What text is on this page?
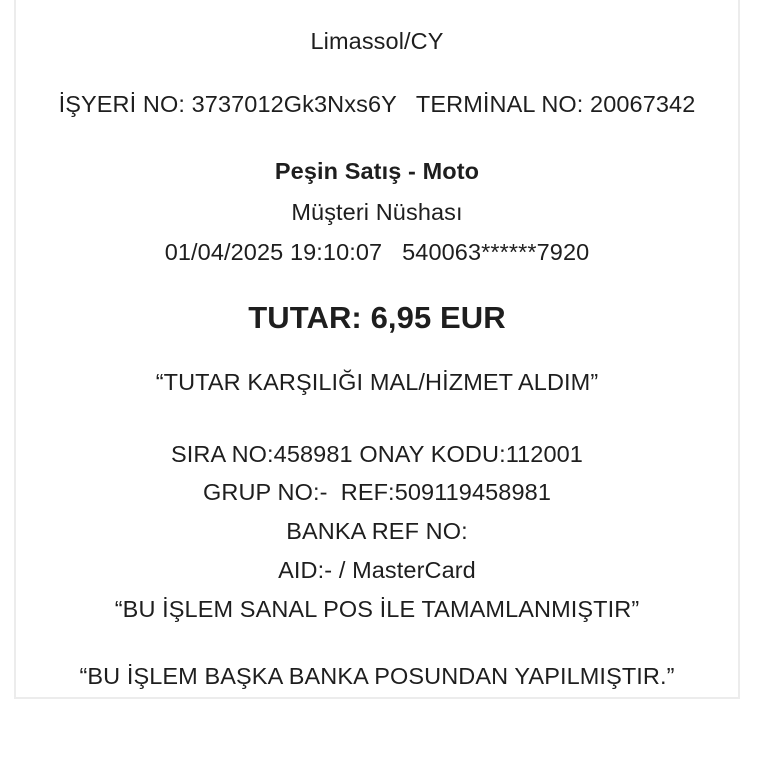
Limassol/CY
İŞYERİ NO: 3737012Gk3Nxs6Y   TERMİNAL NO: 20067342
Peşin Satış - Moto
Müşteri Nüshası
01/04/2025 19:10:07   540063******7920
TUTAR: 6,95 EUR
“TUTAR KARŞILIĞI MAL/HİZMET ALDIM”
SIRA NO:458981 ONAY KODU:112001
GRUP NO:-  REF:509119458981
BANKA REF NO:
AID:- / MasterCard
“BU İŞLEM SANAL POS İLE TAMAMLANMIŞTIR”
“BU İŞLEM BAŞKA BANKA POSUNDAN YAPILMIŞTIR.”
